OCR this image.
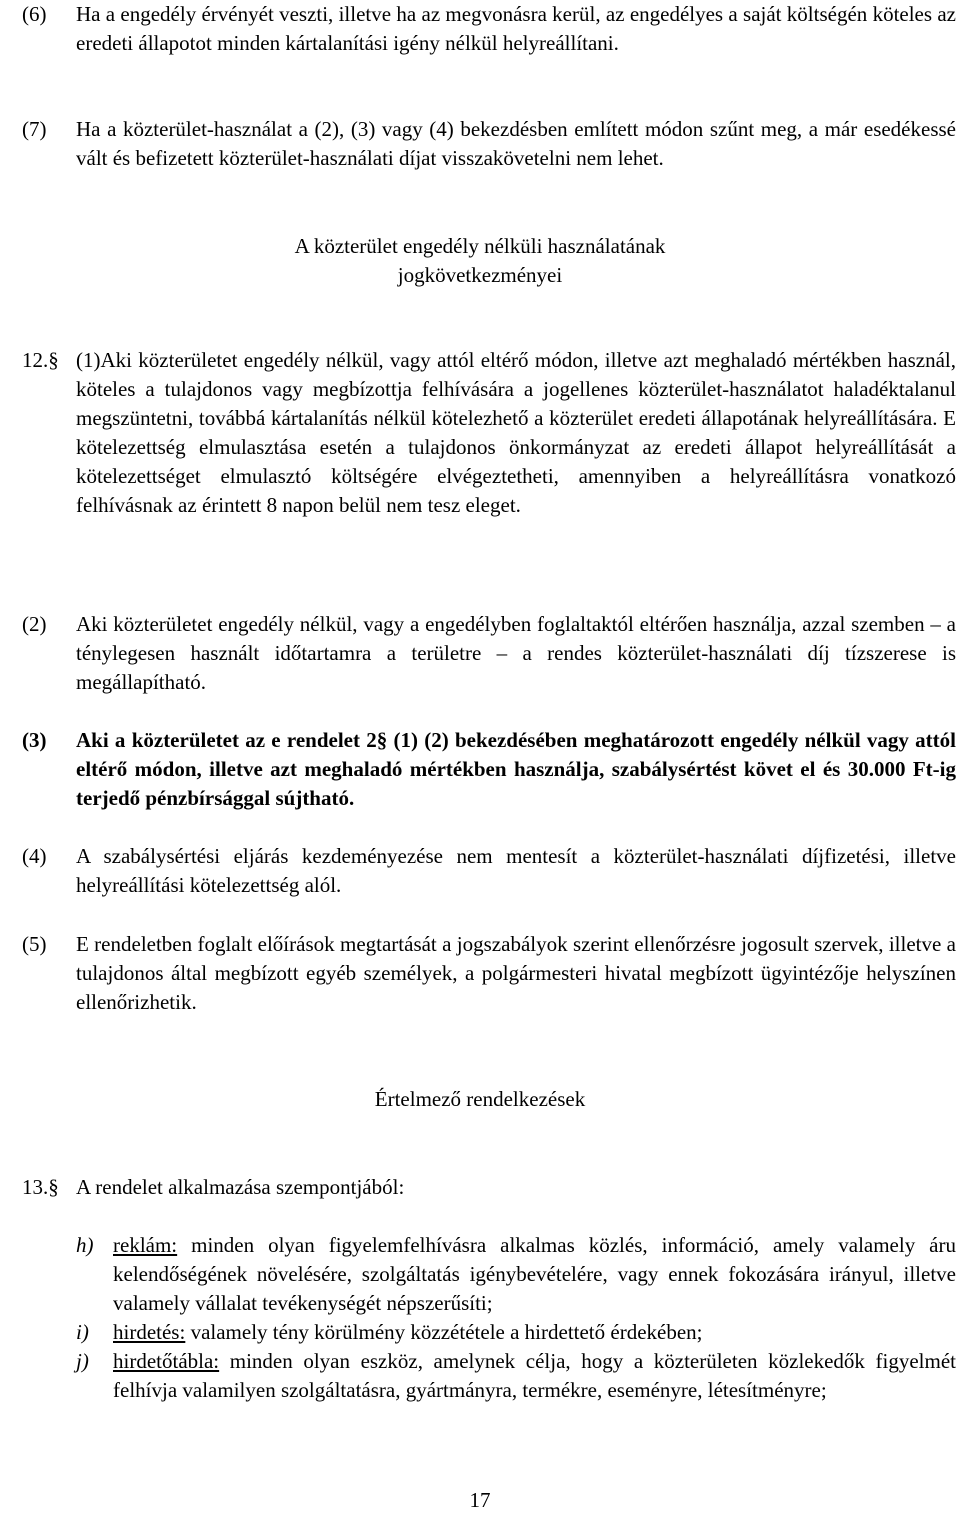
(6) Ha a engedély érvényét veszti, illetve ha az megvonásra kerül, az engedélyes a saját költségén köteles az eredeti állapotot minden kártalanítási igény nélkül helyreállítani.
(7) Ha a közterület-használat a (2), (3) vagy (4) bekezdésben említett módon szűnt meg, a már esedékessé vált és befizetett közterület-használati díjat visszakövetelni nem lehet.
A közterület engedély nélküli használatának
jogkövetkezményei
12.§ (1)Aki közterületet engedély nélkül, vagy attól eltérő módon, illetve azt meghaladó mértékben használ, köteles a tulajdonos vagy megbízottja felhívására a jogellenes közterület-használatot haladéktalanul megszüntetni, továbbá kártalanítás nélkül kötelezhető a közterület eredeti állapotának helyreállítására. E kötelezettség elmulasztása esetén a tulajdonos önkormányzat az eredeti állapot helyreállítását a kötelezettséget elmulasztó költségére elvégeztetheti, amennyiben a helyreállításra vonatkozó felhívásnak az érintett 8 napon belül nem tesz eleget.
(2) Aki közterületet engedély nélkül, vagy a engedélyben foglaltaktól eltérően használja, azzal szemben – a ténylegesen használt időtartamra a területre – a rendes közterület-használati díj tízszerese is megállapítható.
(3) Aki a közterületet az e rendelet 2§ (1) (2) bekezdésében meghatározott engedély nélkül vagy attól eltérő módon, illetve azt meghaladó mértékben használja, szabálysértést követ el és 30.000 Ft-ig terjedő pénzbírsággal sújtható.
(4) A szabálysértési eljárás kezdeményezése nem mentesít a közterület-használati díjfizetési, illetve helyreállítási kötelezettség alól.
(5) E rendeletben foglalt előírások megtartását a jogszabályok szerint ellenőrzésre jogosult szervek, illetve a tulajdonos által megbízott egyéb személyek, a polgármesteri hivatal megbízott ügyintézője helyszínen ellenőrizhetik.
Értelmező rendelkezések
13.§ A rendelet alkalmazása szempontjából:
h) reklám: minden olyan figyelemfelhívásra alkalmas közlés, információ, amely valamely áru kelendőségének növelésére, szolgáltatás igénybevételére, vagy ennek fokozására irányul, illetve valamely vállalat tevékenységét népszerűsíti;
i) hirdetés: valamely tény körülmény közzététele a hirdettető érdekében;
j) hirdetőtábla: minden olyan eszköz, amelynek célja, hogy a közterületen közlekedők figyelmét felhívja valamilyen szolgáltatásra, gyártmányra, termékre, eseményre, létesítményre;
17
